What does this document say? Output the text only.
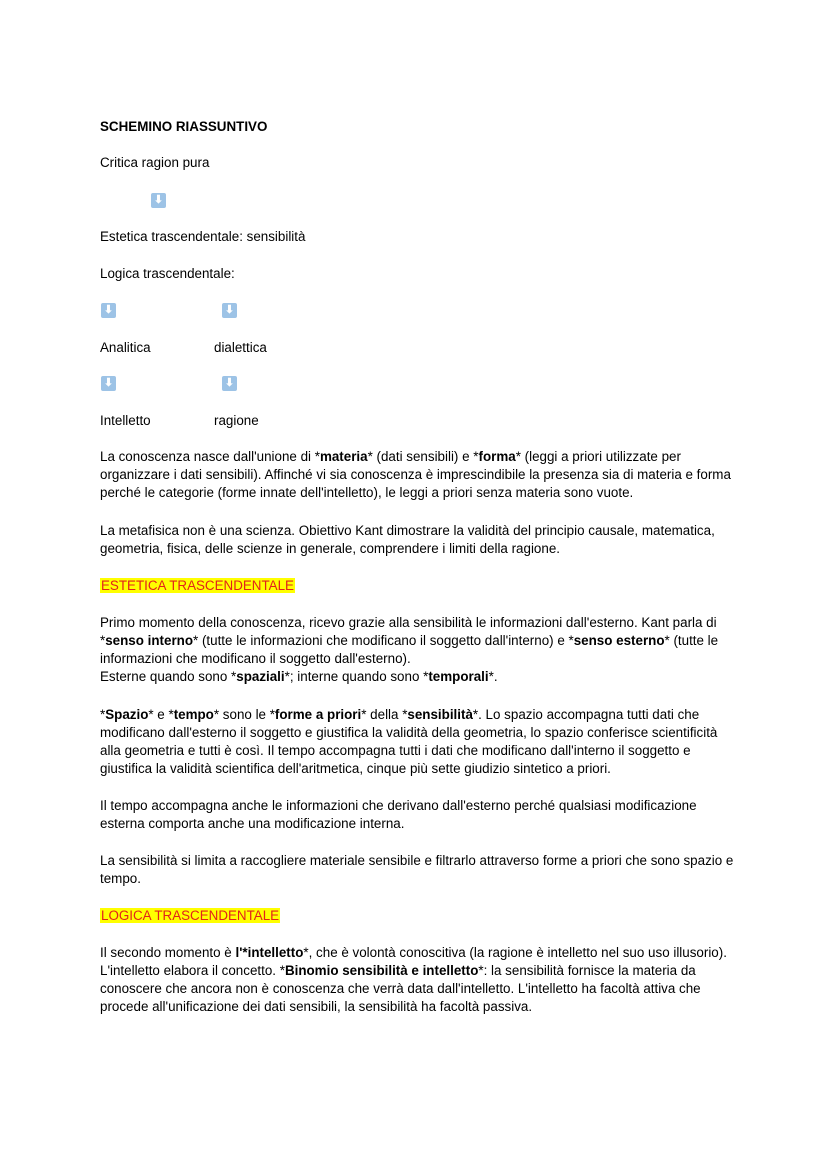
SCHEMINO RIASSUNTIVO
Critica ragion pura
⬇
Estetica trascendentale: sensibilità
Logica trascendentale:
⬇	⬇
Analitica	dialettica
⬇	⬇
Intelletto	ragione
La conoscenza nasce dall'unione di *materia* (dati sensibili) e *forma* (leggi a priori utilizzate per organizzare i dati sensibili). Affinché vi sia conoscenza è imprescindibile la presenza sia di materia e forma perché le categorie (forme innate dell'intelletto), le leggi a priori senza materia sono vuote.
La metafisica non è una scienza. Obiettivo Kant dimostrare la validità del principio causale, matematica, geometria, fisica, delle scienze in generale, comprendere i limiti della ragione.
ESTETICA TRASCENDENTALE
Primo momento della conoscenza, ricevo grazie alla sensibilità le informazioni dall'esterno. Kant parla di *senso interno* (tutte le informazioni che modificano il soggetto dall'interno) e *senso esterno* (tutte le informazioni che modificano il soggetto dall'esterno).
Esterne quando sono *spaziali*; interne quando sono *temporali*.
*Spazio* e *tempo* sono le *forme a priori* della *sensibilità*. Lo spazio accompagna tutti dati che modificano dall'esterno il soggetto e giustifica la validità della geometria, lo spazio conferisce scientificità alla geometria e tutti è così. Il tempo accompagna tutti i dati che modificano dall'interno il soggetto e giustifica la validità scientifica dell'aritmetica, cinque più sette giudizio sintetico a priori.
Il tempo accompagna anche le informazioni che derivano dall'esterno perché qualsiasi modificazione esterna comporta anche una modificazione interna.
La sensibilità si limita a raccogliere materiale sensibile e filtrarlo attraverso forme a priori che sono spazio e tempo.
LOGICA TRASCENDENTALE
Il secondo momento è l'*intelletto*, che è volontà conoscitiva (la ragione è intelletto nel suo uso illusorio). L'intelletto elabora il concetto. *Binomio sensibilità e intelletto*: la sensibilità fornisce la materia da conoscere che ancora non è conoscenza che verrà data dall'intelletto. L'intelletto ha facoltà attiva che procede all'unificazione dei dati sensibili, la sensibilità ha facoltà passiva.
